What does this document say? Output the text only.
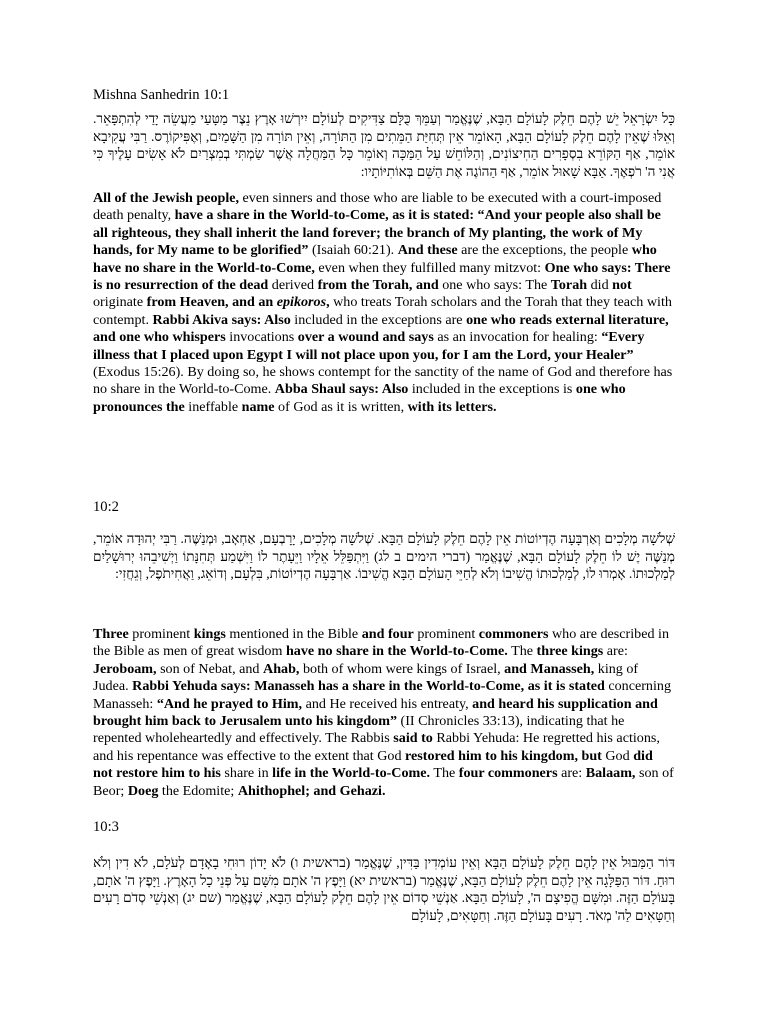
Mishna Sanhedrin 10:1

כָּל יִשְׂרָאֵל יֵשׁ לָהֶם חֵלֶק לָעוֹלָם הַבָּא, שֶׁנֶּאֱמַר וְעַמֵּךְ כֻּלָּם צַדִּיקִים לְעוֹלָם יִירְשׁוּ אָרֶץ נֵצֶר מַטָּעַי מַעֲשֵׂה יָדַי לְהִתְפָּאֵר. וְאֵלּוּ שֶׁאֵין לָהֶם חֵלֶק לָעוֹלָם הַבָּא, הָאוֹמֵר אֵין תְּחִיַּת הַמֵּתִים מִן הַתּוֹרָה, וְאֵין תּוֹרָה מִן הַשָּׁמַיִם, וְאֶפִּיקוֹרֶס. רַבִּי עֲקִיבָא אוֹמֵר, אַף הַקּוֹרֵא בִסְפָרִים הַחִיצוֹנִים, וְהַלּוֹחֵשׁ עַל הַמַּכָּה וְאוֹמֵר כָּל הַמַּחֲלָה אֲשֶׁר שַׂמְתִּי בְמִצְרַיִם לֹא אָשִׂים עָלֶיךָ כִּי אֲנִי ה' רֹפְאֶךָ. אַבָּא שָׁאוּל אוֹמֵר, אַף הַהוֹגֶה אֶת הַשֵּׁם בְּאוֹתִיּוֹתָיו:

All of the Jewish people, even sinners and those who are liable to be executed with a court-imposed death penalty, have a share in the World-to-Come, as it is stated: “And your people also shall be all righteous, they shall inherit the land forever; the branch of My planting, the work of My hands, for My name to be glorified” (Isaiah 60:21). And these are the exceptions, the people who have no share in the World-to-Come, even when they fulfilled many mitzvot: One who says: There is no resurrection of the dead derived from the Torah, and one who says: The Torah did not originate from Heaven, and an epikoros, who treats Torah scholars and the Torah that they teach with contempt. Rabbi Akiva says: Also included in the exceptions are one who reads external literature, and one who whispers invocations over a wound and says as an invocation for healing: “Every illness that I placed upon Egypt I will not place upon you, for I am the Lord, your Healer” (Exodus 15:26). By doing so, he shows contempt for the sanctity of the name of God and therefore has no share in the World-to-Come. Abba Shaul says: Also included in the exceptions is one who pronounces the ineffable name of God as it is written, with its letters.

10:2

שְׁלשָׁה מְלָכִים וְאַרְבָּעָה הֶדְיוֹטוֹת אֵין לָהֶם חֵלֶק לָעוֹלָם הַבָּא. שְׁלשָׁה מְלָכִים, יָרָבְעָם, אַחְאָב, וּמְנַשֶּׁה. רַבִּי יְהוּדָה אוֹמֵר, מְנַשֶּׁה יֶשׁ לוֹ חֵלֶק לָעוֹלָם הַבָּא, שֶׁנֶּאֱמַר (דברי הימים ב לג) וַיִּתְפַּלֵּל אֵלָיו וַיֵּעָתֶר לוֹ וַיִּשְׁמַע תְּחִנָּתוֹ וַיְשִׁיבֵהוּ יְרוּשָׁלַיִם לְמַלְכוּתוֹ. אָמְרוּ לוֹ, לְמַלְכוּתוֹ הֱשִׁיבוֹ וְלֹא לְחַיֵּי הָעוֹלָם הַבָּא הֱשִׁיבוֹ. אַרְבָּעָה הֶדְיוֹטוֹת, בִּלְעָם, וְדוֹאֵג, וַאֲחִיתֹפֶל, וְגֵחֲזִי:

Three prominent kings mentioned in the Bible and four prominent commoners who are described in the Bible as men of great wisdom have no share in the World-to-Come. The three kings are: Jeroboam, son of Nebat, and Ahab, both of whom were kings of Israel, and Manasseh, king of Judea. Rabbi Yehuda says: Manasseh has a share in the World-to-Come, as it is stated concerning Manasseh: “And he prayed to Him, and He received his entreaty, and heard his supplication and brought him back to Jerusalem unto his kingdom” (II Chronicles 33:13), indicating that he repented wholeheartedly and effectively. The Rabbis said to Rabbi Yehuda: He regretted his actions, and his repentance was effective to the extent that God restored him to his kingdom, but God did not restore him to his share in life in the World-to-Come. The four commoners are: Balaam, son of Beor; Doeg the Edomite; Ahithophel; and Gehazi.

10:3

דּוֹר הַמַּבּוּל אֵין לָהֶם חֵלֶק לָעוֹלָם הַבָּא וְאֵין עוֹמְדִין בַּדִּין, שֶׁנֶּאֱמַר (בראשית ו) לֹא יָדוֹן רוּחִי בָאָדָם לְעֹלָם, לֹא דִין וְלֹא רוּחַ. דּוֹר הַפַּלָּגָה אֵין לָהֶם חֵלֶק לָעוֹלָם הַבָּא, שֶׁנֶּאֱמַר (בראשית יא) וַיָּפֶץ ה' אֹתָם מִשָּׁם עַל פְּנֵי כָל הָאָרֶץ. וַיָּפֶץ ה' אֹתָם, בָּעוֹלָם הַזֶּה. וּמִשָּׁם הֱפִיצָם ה', לָעוֹלָם הַבָּא. אַנְשֵׁי סְדוֹם אֵין לָהֶם חֵלֶק לָעוֹלָם הַבָּא, שֶׁנֶּאֱמַר (שם יג) וְאַנְשֵׁי סְדֹם רָעִים וְחַטָּאִים לַה' מְאֹד. רָעִים בָּעוֹלָם הַזֶּה. וְחַטָּאִים, לָעוֹלָם
